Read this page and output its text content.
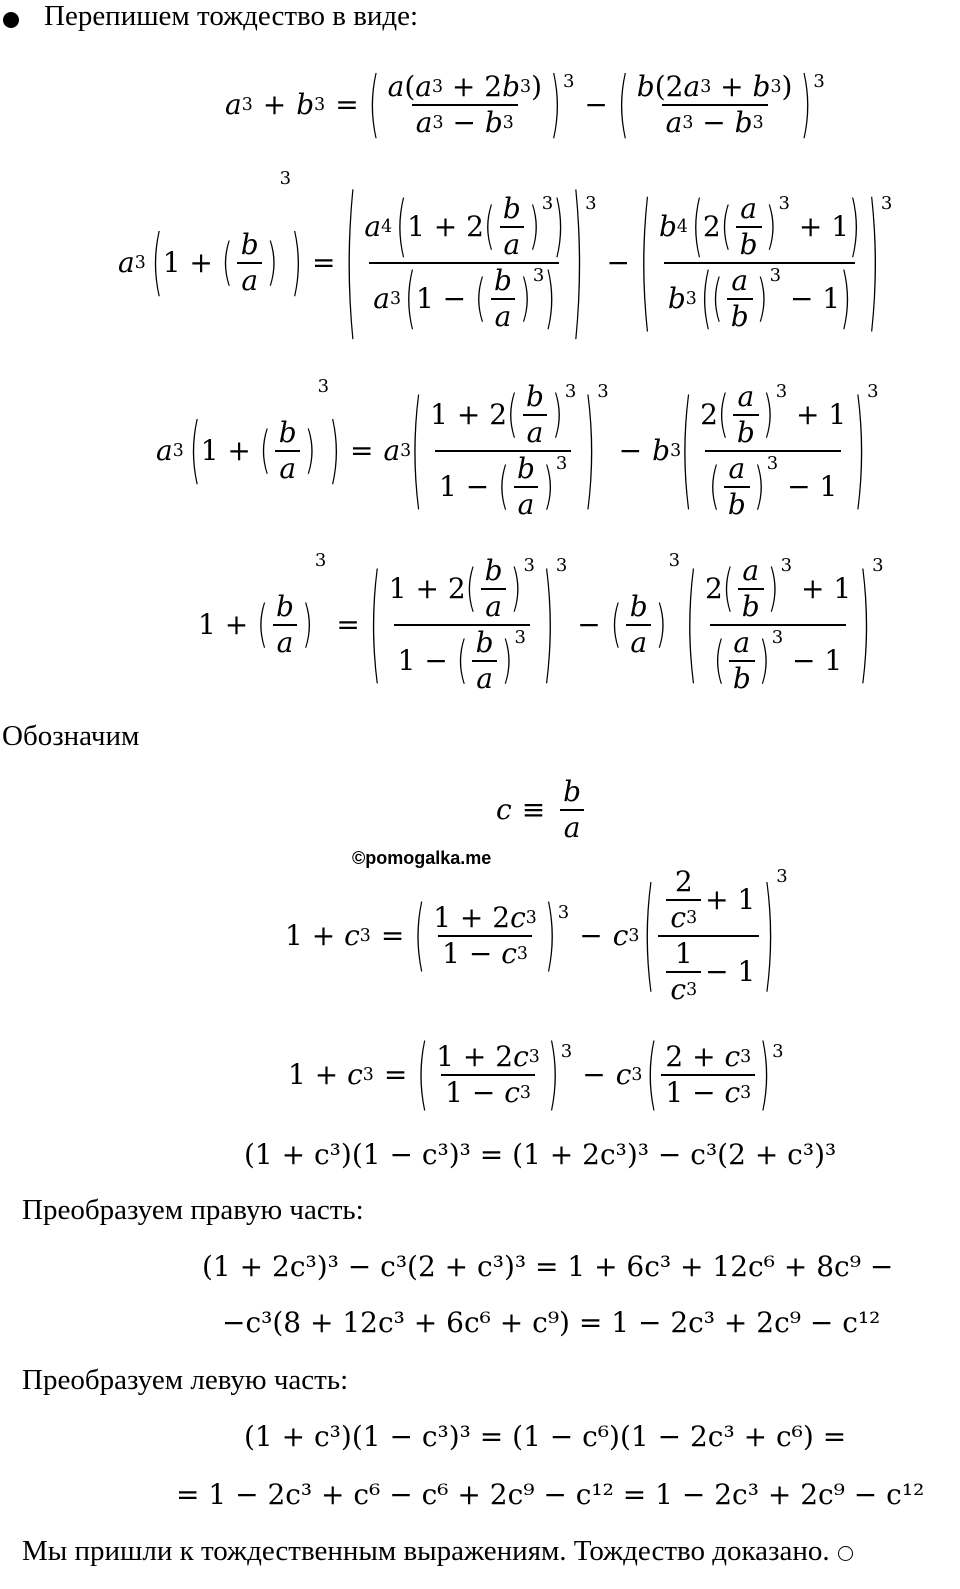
Перепишем тождество в виде:
a 3 + b 3 = ( $\frac{a ( a 3 + 2 b 3 )}{a 3 - b 3}$ ) 3
− ( $\frac{b (2 a 3 + b 3 )}{a 3 - b 3}$ ) 3
a 3 ( 1 + ( $\frac{b}{a}$ )
3
) = ( $\frac{a 4 ( 1 + 2 ( \frac{b}{a} ) 3 )}{a 3 ( 1 - ( \frac{b}{a} ) 3 )}$ ) 3
− ( b 4 ( 2 ( $\frac{a}{b}$ ) 3
+ 1 )
b 3 ( ( $\frac{a}{b}$ ) 3
− 1 ) ) 3
a 3 ( 1 + ( $\frac{b}{a}$ )
3
) = a 3 ( $\frac{1 + 2 ( \frac{b}{a} ) 3}{1 - ( \frac{b}{a} ) 3}$ ) 3
− b 3 ( 2 ( $\frac{a}{b}$ ) 3
+ 1
( $\frac{a}{b}$ ) 3
− 1 ) 3
1 + ( $\frac{b}{a}$ )
3
= ( $\frac{1 + 2 ( \frac{b}{a} ) 3}{1 - ( \frac{b}{a} ) 3}$ ) 3
− ( $\frac{b}{a}$ )
3 ( 2 ( $\frac{a}{b}$ ) 3
+ 1
( $\frac{a}{b}$ ) 3
− 1 ) 3
Обозначим
$c \equiv \frac{b}{a}$
©pomogalka.me
1 + c 3 = ( $\frac{1 + 2 c 3}{1 - c 3}$ ) 3
− c 3 ( $\frac{\frac{2}{c 3} + 1}{\frac{1}{c 3} - 1}$ ) 3
1 + c 3 = ( $\frac{1 + 2 c 3}{1 - c 3}$ ) 3
− c 3 ( $\frac{2 + c 3}{1 - c 3}$ ) 3
(1 + c³)(1 − c³)³ = (1 + 2c³)³ − c³(2 + c³)³
Преобразуем правую часть:
(1 + 2c³)³ − c³(2 + c³)³ = 1 + 6c³ + 12c⁶ + 8c⁹ −
−c³(8 + 12c³ + 6c⁶ + c⁹) = 1 − 2c³ + 2c⁹ − c¹²
Преобразуем левую часть:
(1 + c³)(1 − c³)³ = (1 − c⁶)(1 − 2c³ + c⁶) =
= 1 − 2c³ + c⁶ − c⁶ + 2c⁹ − c¹² = 1 − 2c³ + 2c⁹ − c¹²
Мы пришли к тождественным выражениям. Тождество доказано.
